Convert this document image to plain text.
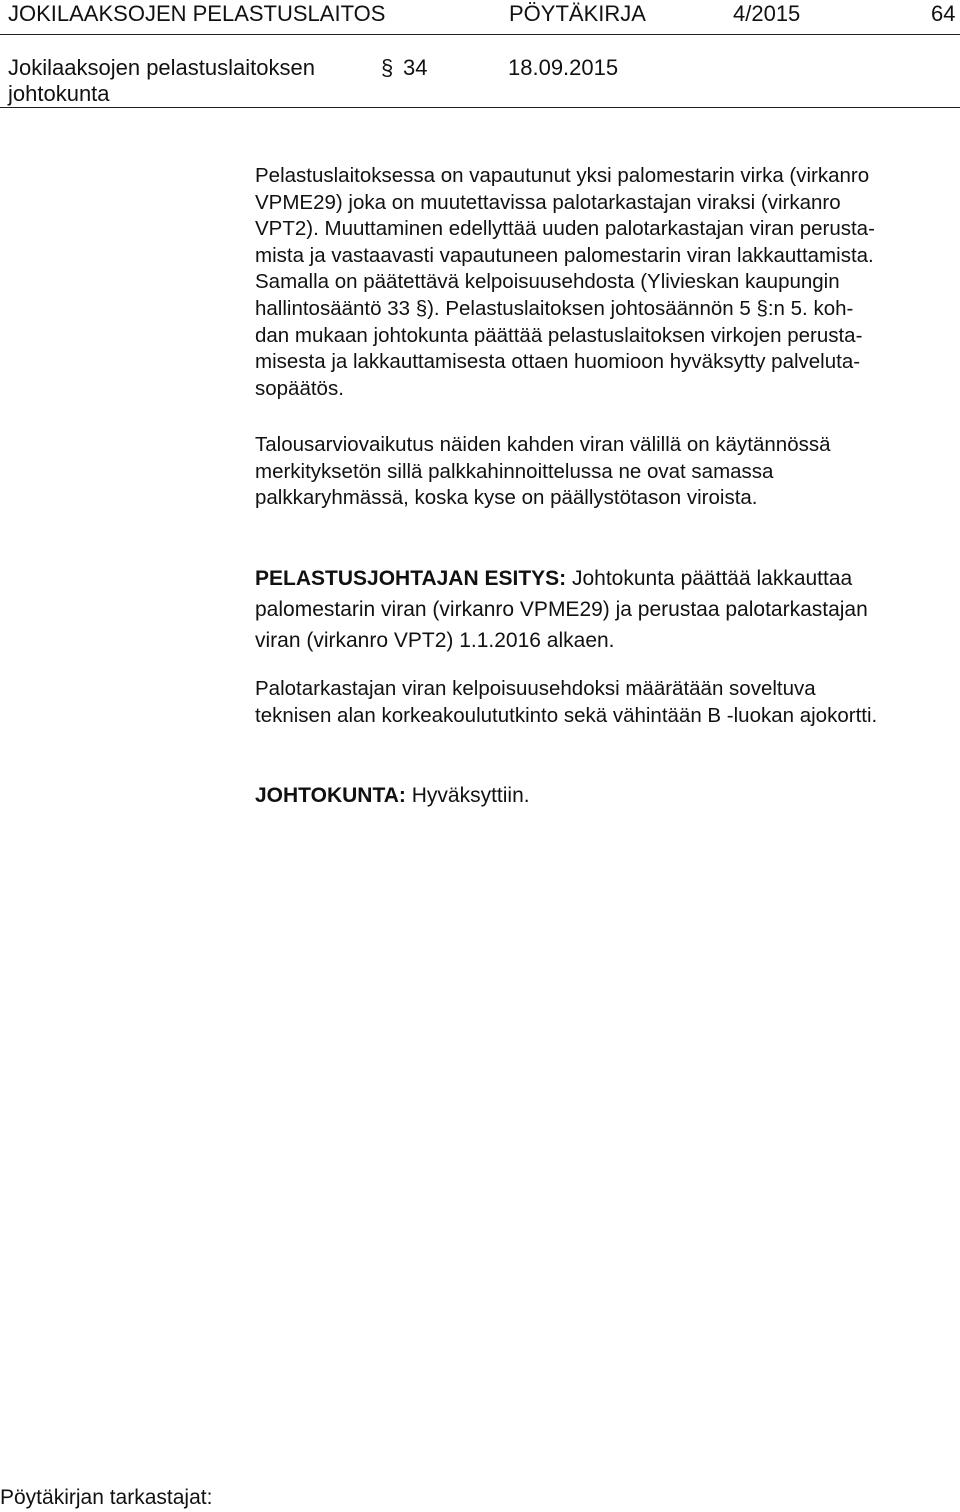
JOKILAAKSOJEN PELASTUSLAITOS	PÖYTÄKIRJA	4/2015	64
Jokilaaksojen pelastuslaitoksen
johtokunta
§ 34	18.09.2015
Pelastuslaitoksessa on vapautunut yksi palomestarin virka (virkanro
VPME29) joka on muutettavissa palotarkastajan viraksi (virkanro
VPT2). Muuttaminen edellyttää uuden palotarkastajan viran perusta-
mista ja vastaavasti vapautuneen palomestarin viran lakkauttamista.
Samalla on päätettävä kelpoisuusehdosta (Ylivieskan kaupungin
hallintosääntö 33 §). Pelastuslaitoksen johtosäännön 5 §:n 5. koh-
dan mukaan johtokunta päättää pelastuslaitoksen virkojen perusta-
misesta ja lakkauttamisesta ottaen huomioon hyväksytty palveluta-
sopäätös.
Talousarviovaikutus näiden kahden viran välillä on käytännössä
merkityksetön sillä palkkahinnoittelussa ne ovat samassa
palkkaryhmässä, koska kyse on päällystötason viroista.
PELASTUSJOHTAJAN ESITYS: Johtokunta päättää lakkauttaa
palomestarin viran (virkanro VPME29) ja perustaa palotarkastajan
viran (virkanro VPT2) 1.1.2016 alkaen.
Palotarkastajan viran kelpoisuusehdoksi määrätään soveltuva
teknisen alan korkeakoulututkinto sekä vähintään B -luokan ajokortti.
JOHTOKUNTA: Hyväksyttiin.
Pöytäkirjan tarkastajat:
